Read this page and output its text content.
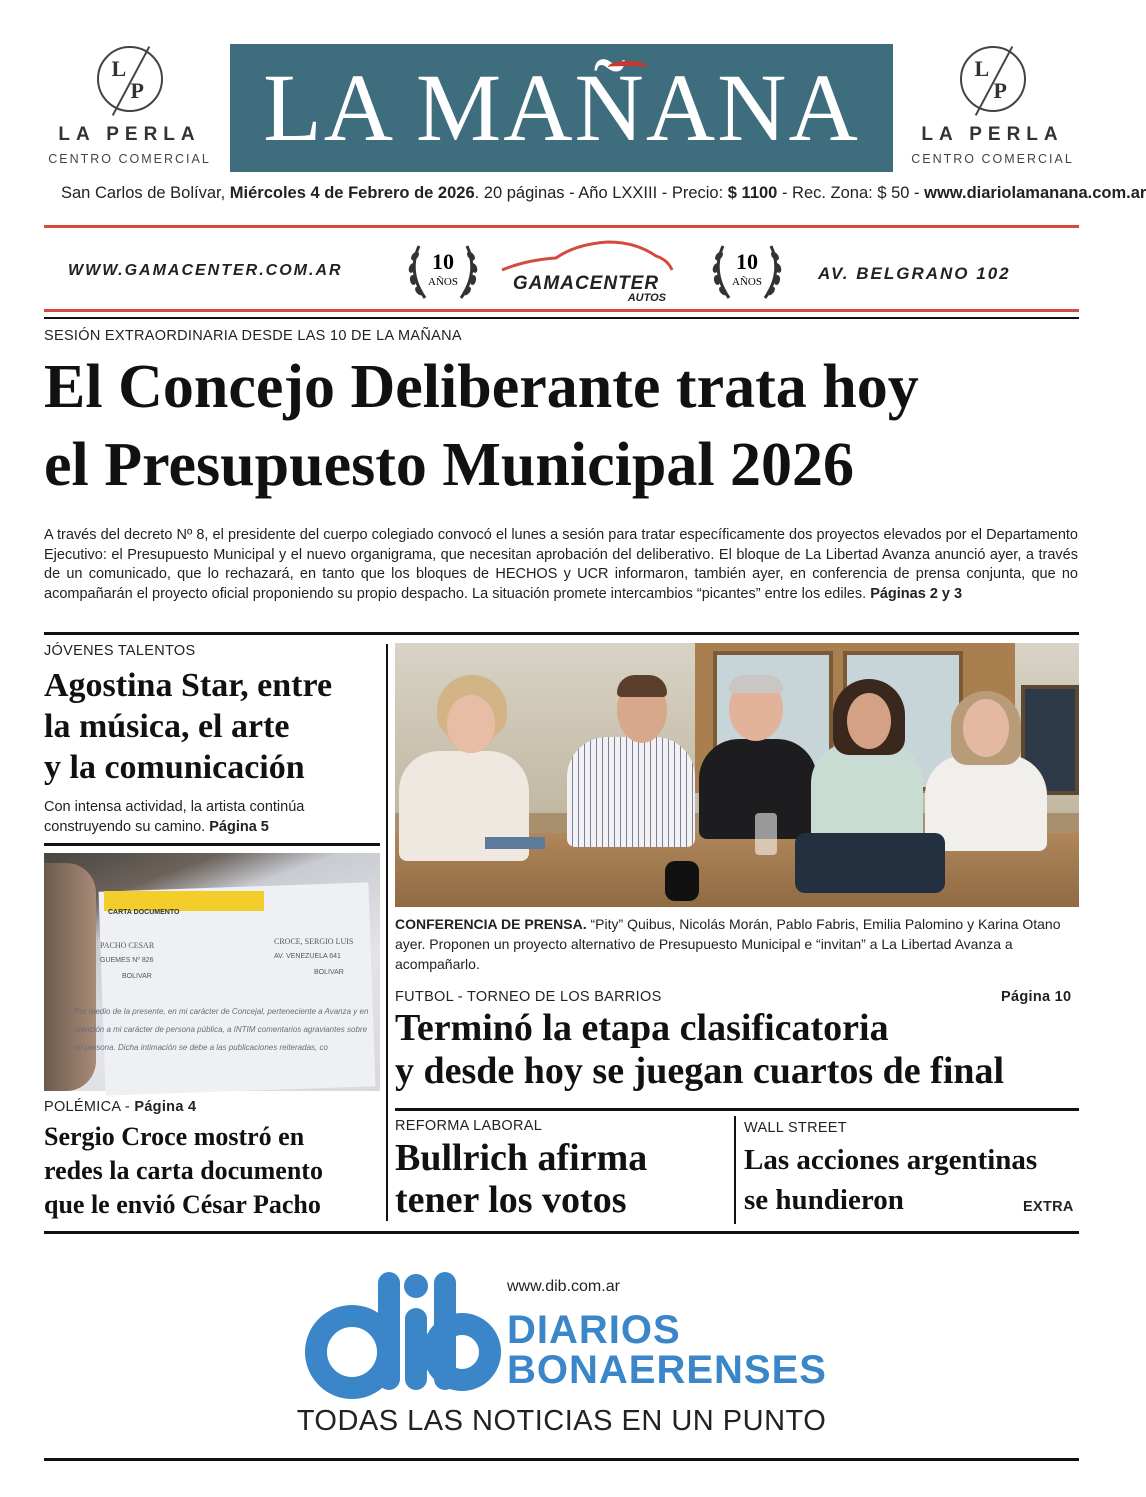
L
P
LA PERLA
CENTRO COMERCIAL LA MAÑANA	L
P
LA PERLA
CENTRO COMERCIAL
San Carlos de Bolívar, Miércoles 4 de Febrero de 2026. 20 páginas - Año LXXIII - Precio: $ 1100 - Rec. Zona: $ 50 - www.diariolamanana.com.ar
WWW.GAMACENTER.COM.AR	10
AÑOS	GAMACENTER
AUTOS
10
AÑOS	AV. BELGRANO 102
SESIÓN EXTRAORDINARIA DESDE LAS 10 DE LA MAÑANA
El Concejo Deliberante trata hoy
el Presupuesto Municipal 2026
A través del decreto Nº 8, el presidente del cuerpo colegiado convocó el lunes a sesión para tratar específicamente dos proyectos elevados por el Departamento Ejecutivo: el Presupuesto Municipal y el nuevo organigrama, que necesitan aprobación del deliberativo. El bloque de La Libertad Avanza anunció ayer, a través de un comunicado, que lo rechazará, en tanto que los bloques de HECHOS y UCR informaron, también ayer, en conferencia de prensa conjunta, que no acompañarán el proyecto oficial proponiendo su propio despacho. La situación promete intercambios “picantes” entre los ediles. Páginas 2 y 3
JÓVENES TALENTOS
Agostina Star, entre
la música, el arte
y la comunicación
Con intensa actividad, la artista continúa construyendo su camino. Página 5
CARTA DOCUMENTO
PACHO CESAR	CROCE, SERGIO LUIS
GUEMES Nº 826
AV. VENEZUELA 641
BOLIVAR
BOLIVAR
Por medio de la presente, en mi carácter de Concejal, perteneciente a Avanza y en atención a mi carácter de persona pública, a INTIM comentarios agraviantes sobre mi persona. Dicha intimación se debe a las publicaciones reiteradas, co
POLÉMICA - Página 4
Sergio Croce mostró en
redes la carta documento
que le envió César Pacho
CONFERENCIA DE PRENSA. “Pity” Quibus, Nicolás Morán, Pablo Fabris, Emilia Palomino y Karina Otano ayer. Proponen un proyecto alternativo de Presupuesto Municipal e “invitan” a La Libertad Avanza a acompañarlo.
FUTBOL - TORNEO DE LOS BARRIOS	Página 10
Terminó la etapa clasificatoria
y desde hoy se juegan cuartos de final
REFORMA LABORAL
Bullrich afirma
tener los votos
WALL STREET
Las acciones argentinas
se hundieron	EXTRA
www.dib.com.ar
DIARIOS
BONAERENSES
TODAS LAS NOTICIAS EN UN PUNTO
